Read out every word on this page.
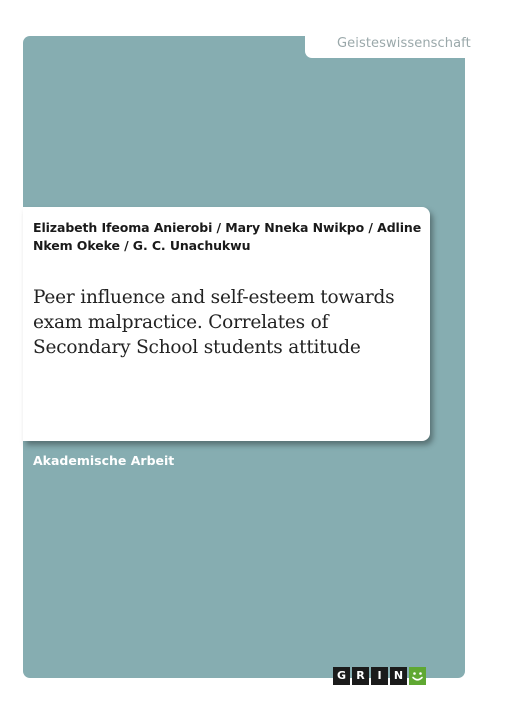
Geisteswissenschaft
Elizabeth Ifeoma Anierobi / Mary Nneka Nwikpo / Adline Nkem Okeke / G. C. Unachukwu
Peer influence and self-esteem towards exam malpractice. Correlates of Secondary School students attitude
Akademische Arbeit
G R	I	N
